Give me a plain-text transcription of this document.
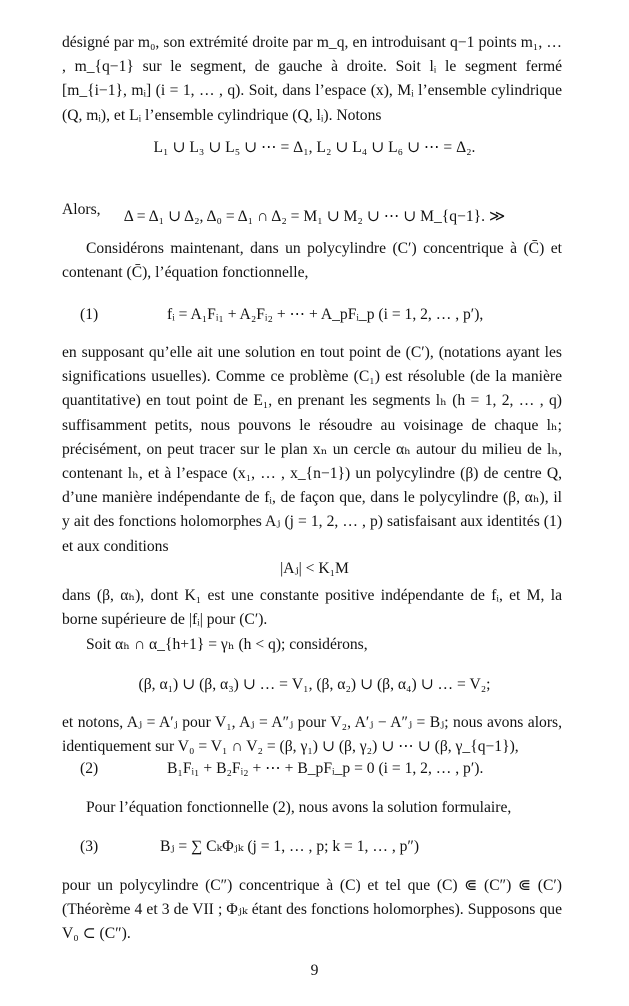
désigné par m₀, son extrémité droite par m_q, en introduisant q−1 points m₁, … , m_{q−1} sur le segment, de gauche à droite. Soit lᵢ le segment fermé [m_{i−1}, mᵢ] (i = 1, … , q). Soit, dans l’espace (x), Mᵢ l’ensemble cylindrique (Q, mᵢ), et Lᵢ l’ensemble cylindrique (Q, lᵢ). Notons
L₁ ∪ L₃ ∪ L₅ ∪ ⋯ = Δ₁, L₂ ∪ L₄ ∪ L₆ ∪ ⋯ = Δ₂.
Alors,	Δ = Δ₁ ∪ Δ₂, Δ₀ = Δ₁ ∩ Δ₂ = M₁ ∪ M₂ ∪ ⋯ ∪ M_{q−1}. ≫
Considérons maintenant, dans un polycylindre (C′) concentrique à (C̄) et contenant (C̄), l’équation fonctionnelle,
(1)	fᵢ = A₁Fᵢ₁ + A₂Fᵢ₂ + ⋯ + A_pFᵢ_p (i = 1, 2, … , p′),
en supposant qu’elle ait une solution en tout point de (C′), (notations ayant les significations usuelles). Comme ce problème (C₁) est résoluble (de la manière quantitative) en tout point de E₁, en prenant les segments lₕ (h = 1, 2, … , q) suffisamment petits, nous pouvons le résoudre au voisinage de chaque lₕ; précisément, on peut tracer sur le plan xₙ un cercle αₕ autour du milieu de lₕ, contenant lₕ, et à l’espace (x₁, … , x_{n−1}) un polycylindre (β) de centre Q, d’une manière indépendante de fᵢ, de façon que, dans le polycylindre (β, αₕ), il y ait des fonctions holomorphes Aⱼ (j = 1, 2, … , p) satisfaisant aux identités (1) et aux conditions
|Aⱼ| < K₁M
dans (β, αₕ), dont K₁ est une constante positive indépendante de fᵢ, et M, la borne supérieure de |fᵢ| pour (C′).
Soit αₕ ∩ α_{h+1} = γₕ (h < q); considérons,
(β, α₁) ∪ (β, α₃) ∪ … = V₁, (β, α₂) ∪ (β, α₄) ∪ … = V₂;
et notons, Aⱼ = A′ⱼ pour V₁, Aⱼ = A″ⱼ pour V₂, A′ⱼ − A″ⱼ = Bⱼ; nous avons alors, identiquement sur V₀ = V₁ ∩ V₂ = (β, γ₁) ∪ (β, γ₂) ∪ ⋯ ∪ (β, γ_{q−1}),
(2)	B₁Fᵢ₁ + B₂Fᵢ₂ + ⋯ + B_pFᵢ_p = 0 (i = 1, 2, … , p′).
Pour l’équation fonctionnelle (2), nous avons la solution formulaire,
(3)	Bⱼ = ∑ CₖΦⱼₖ (j = 1, … , p; k = 1, … , p″)
pour un polycylindre (C″) concentrique à (C) et tel que (C) ⋐ (C″) ⋐ (C′) (Théorème 4 et 3 de VII ; Φⱼₖ étant des fonctions holomorphes). Supposons que V₀ ⊂ (C″).
9
